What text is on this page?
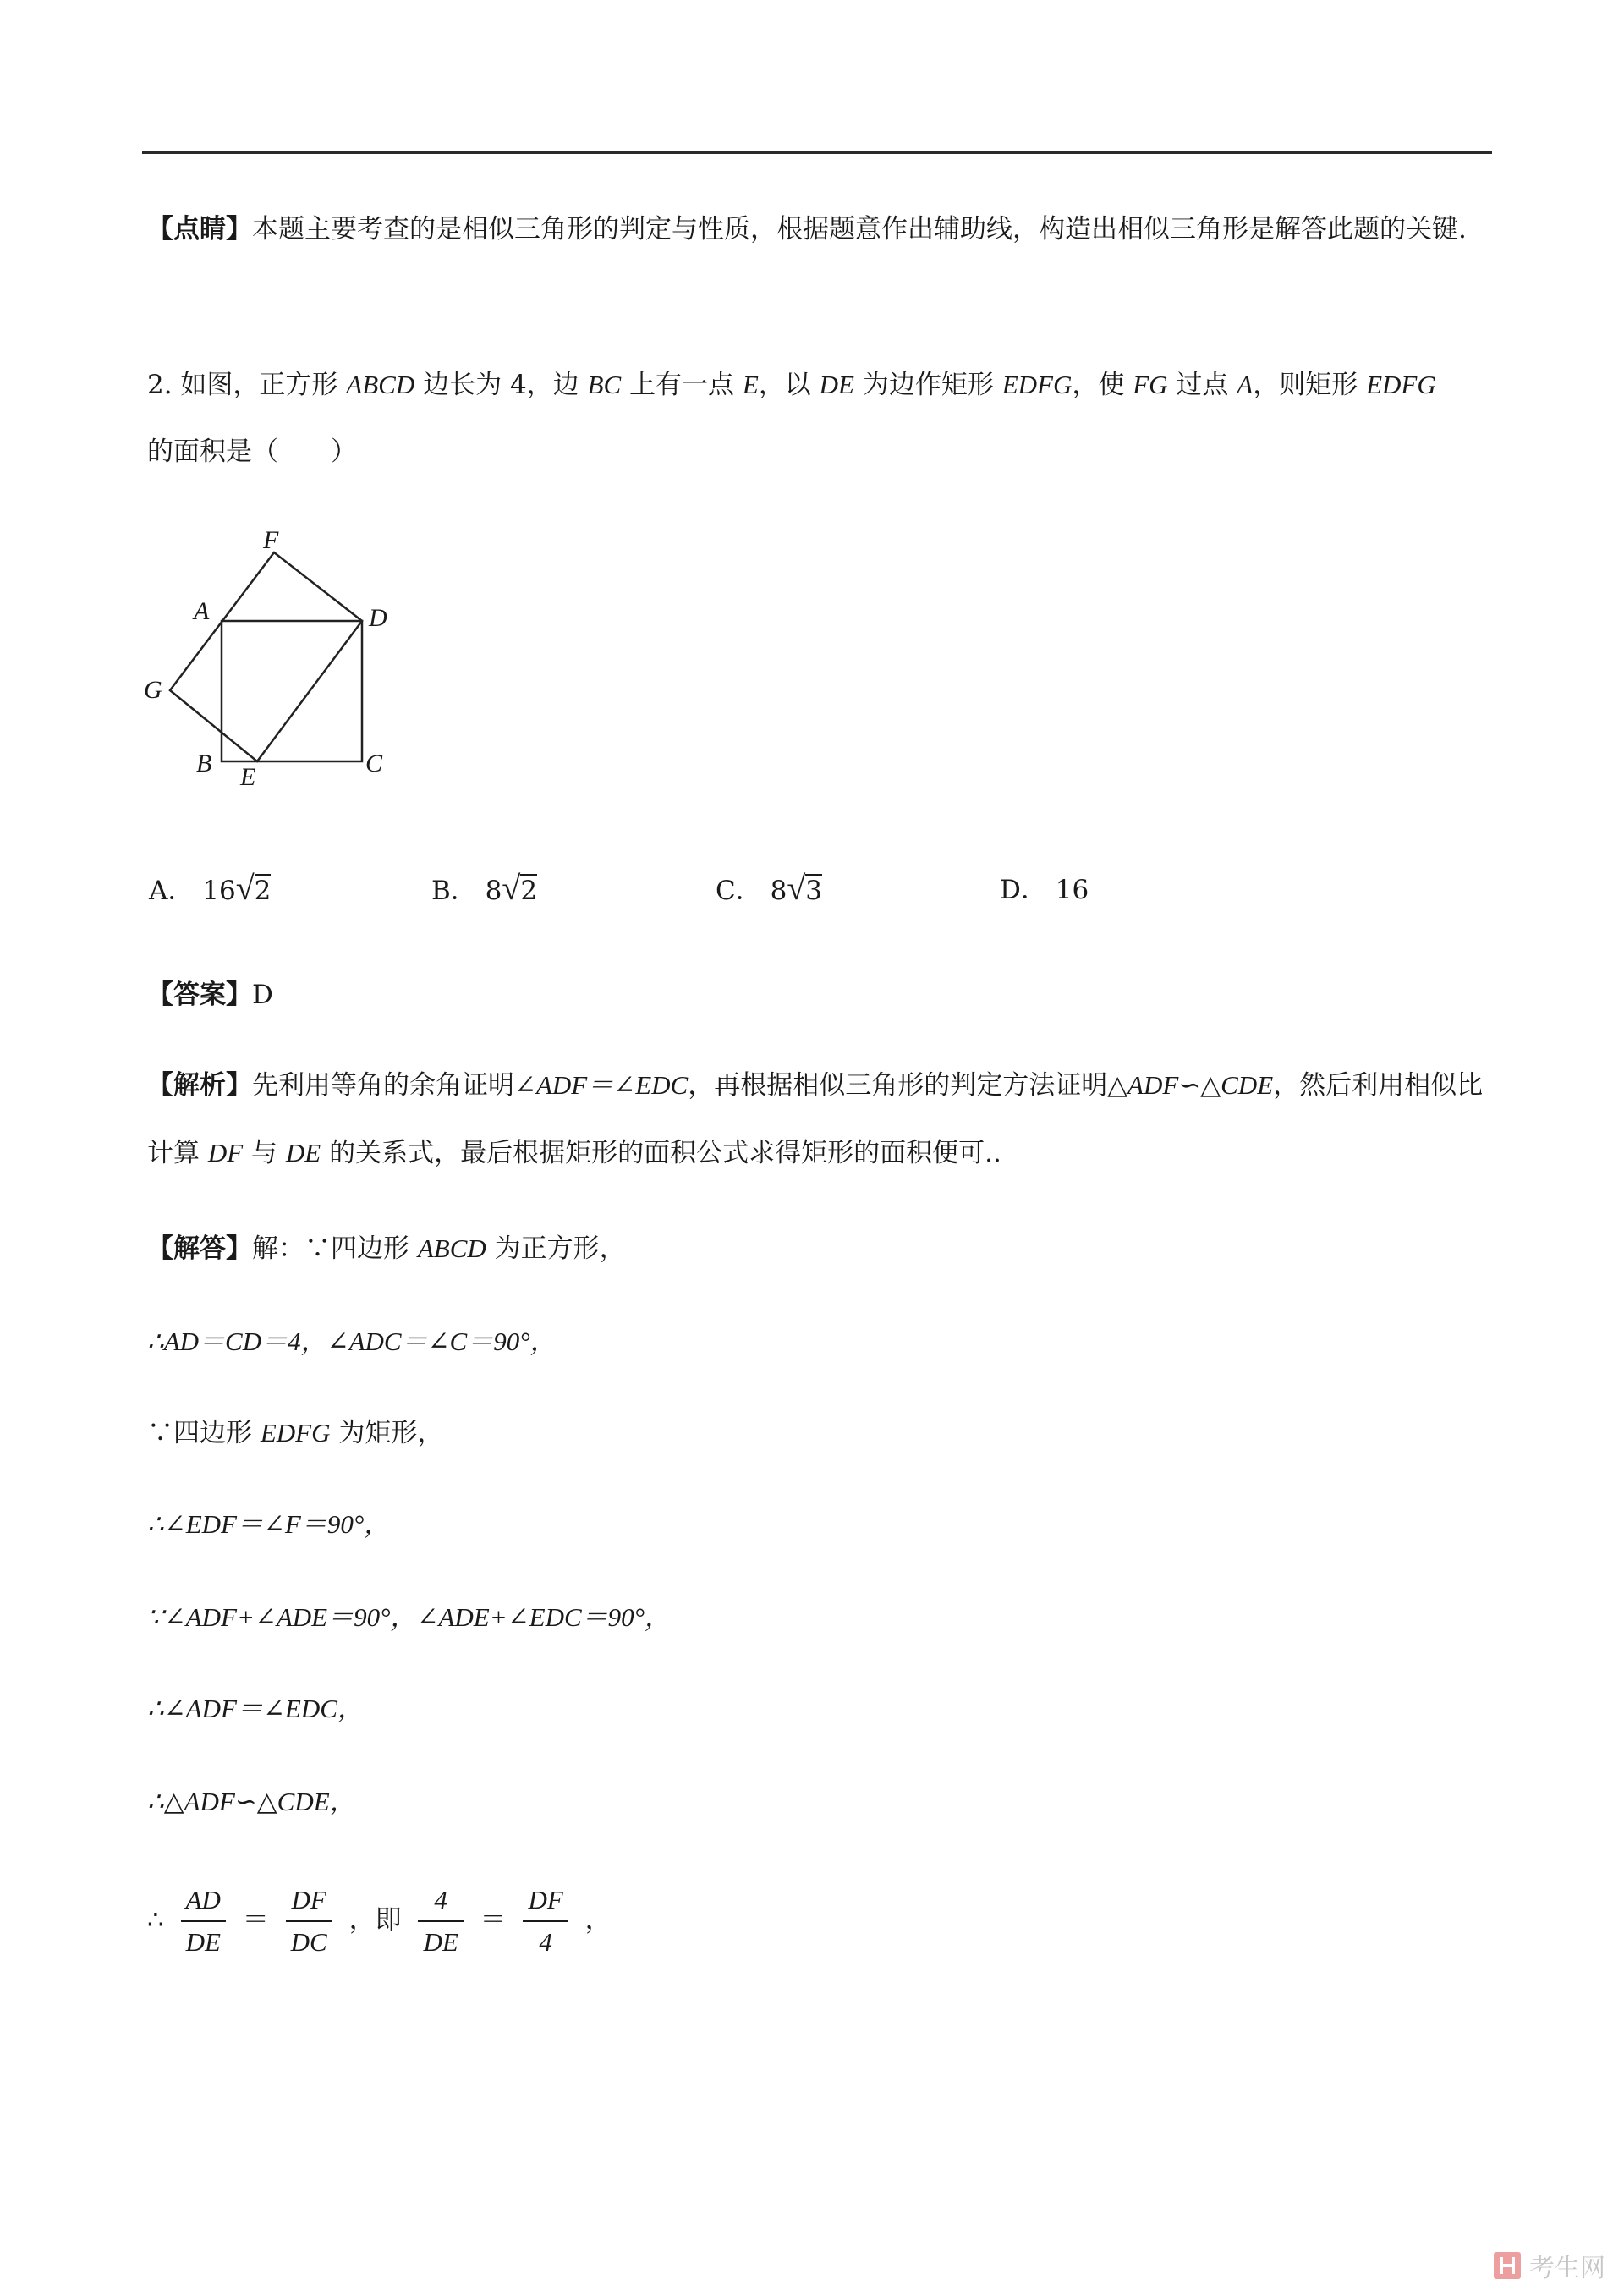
【点睛】本题主要考查的是相似三角形的判定与性质，根据题意作出辅助线，构造出相似三角形是解答此题的关键.
2. 如图，正方形 ABCD 边长为 4，边 BC 上有一点 E，以 DE 为边作矩形 EDFG，使 FG 过点 A，则矩形 EDFG
的面积是（　　）
F
A	D
G
B E	C
A． 16√2	B． 8√2	C． 8√3	D． 16
【答案】D
【解析】先利用等角的余角证明∠ADF＝∠EDC，再根据相似三角形的判定方法证明△ADF∽△CDE，然后利用相似比计算 DF 与 DE 的关系式，最后根据矩形的面积公式求得矩形的面积便可..
【解答】解：∵四边形 ABCD 为正方形，
∴AD＝CD＝4，∠ADC＝∠C＝90°，
∵四边形 EDFG 为矩形，
∴∠EDF＝∠F＝90°，
∵∠ADF+∠ADE＝90°，∠ADE+∠EDC＝90°，
∴∠ADF＝∠EDC，
∴△ADF∽△CDE，
∴ $\frac{AD}{DE} = \frac{DF}{DC}$ ，即 $\frac{4}{DE} = \frac{DF}{4}$ ，
考生网
